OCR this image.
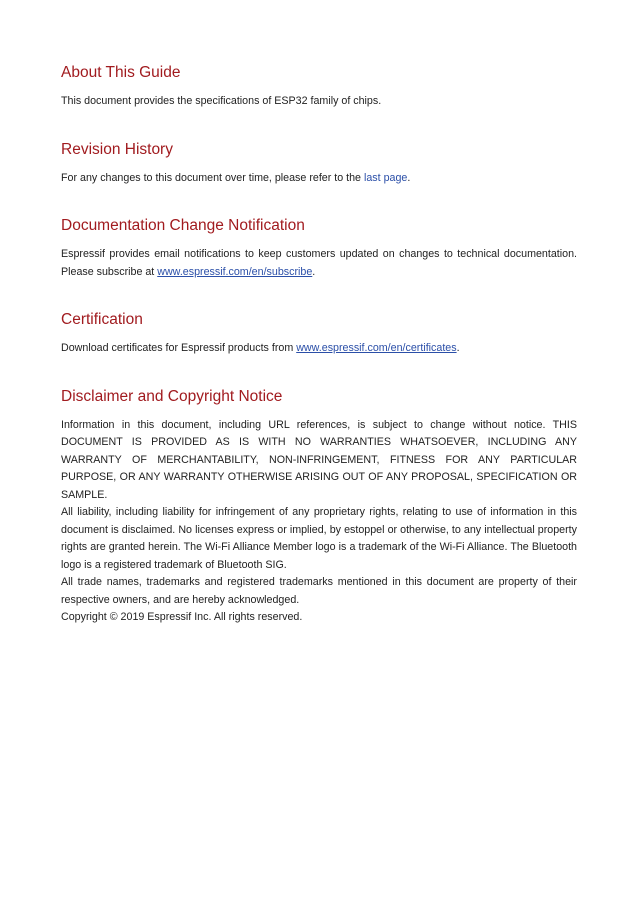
About This Guide

This document provides the specifications of ESP32 family of chips.

Revision History

For any changes to this document over time, please refer to the last page.

Documentation Change Notification

Espressif provides email notifications to keep customers updated on changes to technical documentation. Please subscribe at www.espressif.com/en/subscribe.

Certification

Download certificates for Espressif products from www.espressif.com/en/certificates.

Disclaimer and Copyright Notice

Information in this document, including URL references, is subject to change without notice. THIS DOCUMENT IS PROVIDED AS IS WITH NO WARRANTIES WHATSOEVER, INCLUDING ANY WARRANTY OF MERCHANTABILITY, NON-INFRINGEMENT, FITNESS FOR ANY PARTICULAR PURPOSE, OR ANY WARRANTY OTHERWISE ARISING OUT OF ANY PROPOSAL, SPECIFICATION OR SAMPLE.

All liability, including liability for infringement of any proprietary rights, relating to use of information in this document is disclaimed. No licenses express or implied, by estoppel or otherwise, to any intellectual property rights are granted herein. The Wi-Fi Alliance Member logo is a trademark of the Wi-Fi Alliance. The Bluetooth logo is a registered trademark of Bluetooth SIG.

All trade names, trademarks and registered trademarks mentioned in this document are property of their respective owners, and are hereby acknowledged.

Copyright © 2019 Espressif Inc. All rights reserved.
